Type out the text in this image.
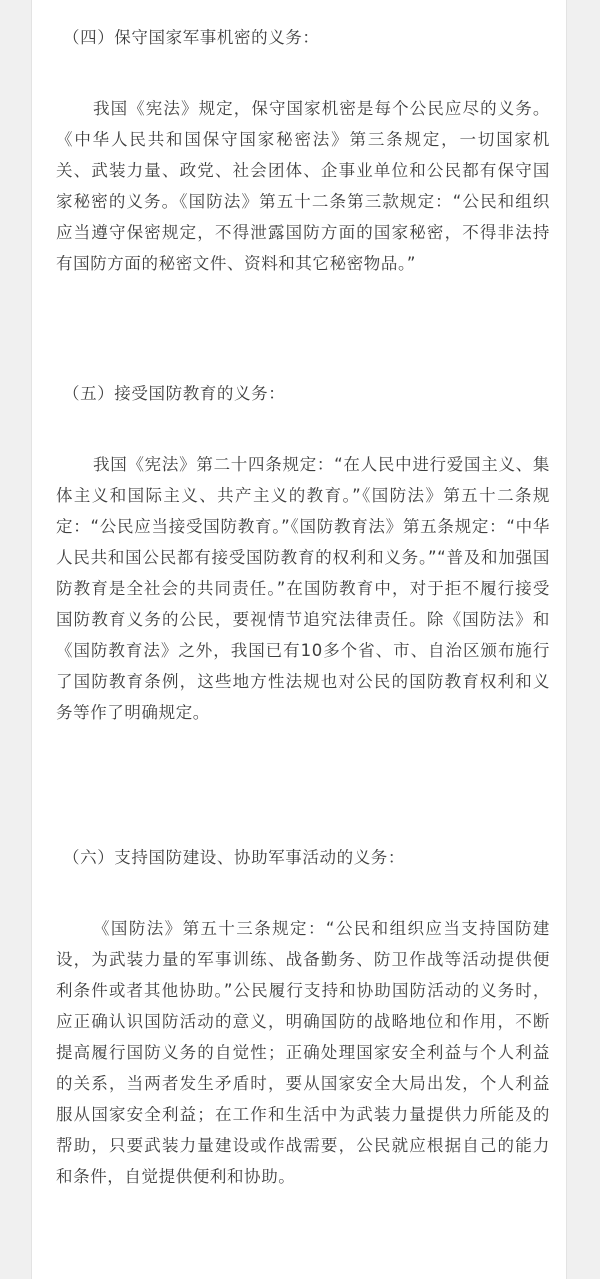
（四）保守国家军事机密的义务：

我国《宪法》规定，保守国家机密是每个公民应尽的义务。《中华人民共和国保守国家秘密法》第三条规定，一切国家机关、武装力量、政党、社会团体、企事业单位和公民都有保守国家秘密的义务。《国防法》第五十二条第三款规定：“公民和组织应当遵守保密规定，不得泄露国防方面的国家秘密，不得非法持有国防方面的秘密文件、资料和其它秘密物品。”

（五）接受国防教育的义务：

我国《宪法》第二十四条规定：“在人民中进行爱国主义、集体主义和国际主义、共产主义的教育。”《国防法》第五十二条规定：“公民应当接受国防教育。”《国防教育法》第五条规定：“中华人民共和国公民都有接受国防教育的权利和义务。”“普及和加强国防教育是全社会的共同责任。”在国防教育中，对于拒不履行接受国防教育义务的公民，要视情节追究法律责任。除《国防法》和《国防教育法》之外，我国已有10多个省、市、自治区颁布施行了国防教育条例，这些地方性法规也对公民的国防教育权利和义务等作了明确规定。

（六）支持国防建设、协助军事活动的义务：

《国防法》第五十三条规定：“公民和组织应当支持国防建设，为武装力量的军事训练、战备勤务、防卫作战等活动提供便利条件或者其他协助。”公民履行支持和协助国防活动的义务时，应正确认识国防活动的意义，明确国防的战略地位和作用，不断提高履行国防义务的自觉性；正确处理国家安全利益与个人利益的关系，当两者发生矛盾时，要从国家安全大局出发，个人利益服从国家安全利益；在工作和生活中为武装力量提供力所能及的帮助，只要武装力量建设或作战需要，公民就应根据自己的能力和条件，自觉提供便利和协助。
